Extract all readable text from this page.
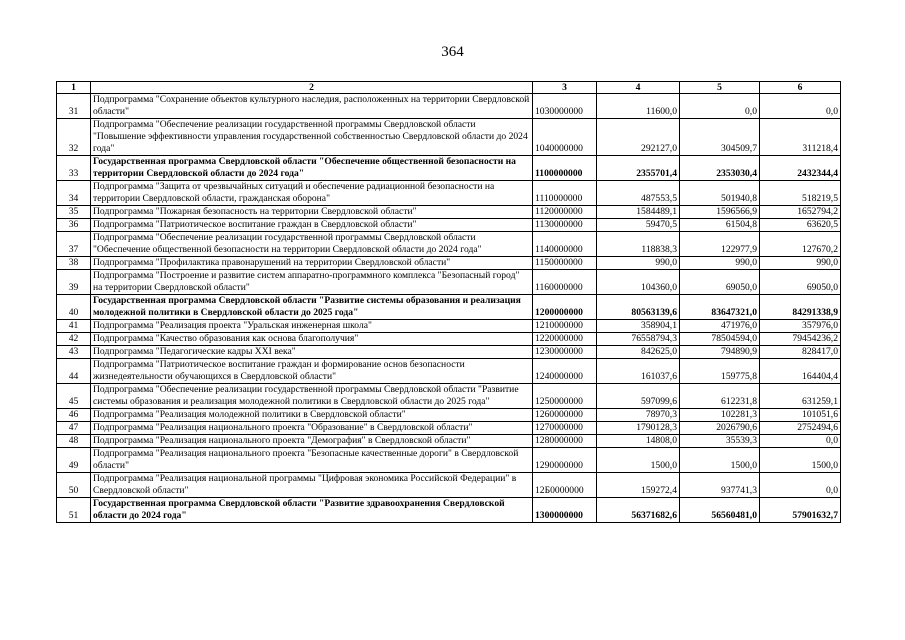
364
1	2	3	4	5	6
31	Подпрограмма "Сохранение объектов культурного наследия, расположенных на территории Свердловской области"	1030000000	11600,0	0,0	0,0
32	Подпрограмма "Обеспечение реализации государственной программы Свердловской области "Повышение эффективности управления государственной собственностью Свердловской области до 2024 года"	1040000000	292127,0	304509,7	311218,4
33	Государственная программа Свердловской области "Обеспечение общественной безопасности на территории Свердловской области до 2024 года"	1100000000	2355701,4	2353030,4	2432344,4
34	Подпрограмма "Защита от чрезвычайных ситуаций и обеспечение радиационной безопасности на территории Свердловской области, гражданская оборона"	1110000000	487553,5	501940,8	518219,5
35	Подпрограмма "Пожарная безопасность на территории Свердловской области"	1120000000	1584489,1	1596566,9	1652794,2
36	Подпрограмма "Патриотическое воспитание граждан в Свердловской области"	1130000000	59470,5	61504,8	63620,5
37	Подпрограмма "Обеспечение реализации государственной программы Свердловской области "Обеспечение общественной безопасности на территории Свердловской области до 2024 года"	1140000000	118838,3	122977,9	127670,2
38	Подпрограмма "Профилактика правонарушений на территории Свердловской области"	1150000000	990,0	990,0	990,0
39	Подпрограмма "Построение и развитие систем аппаратно-программного комплекса "Безопасный город" на территории Свердловской области"	1160000000	104360,0	69050,0	69050,0
40	Государственная программа Свердловской области "Развитие системы образования и реализация молодежной политики в Свердловской области до 2025 года"	1200000000	80563139,6	83647321,0	84291338,9
41	Подпрограмма "Реализация проекта "Уральская инженерная школа"	1210000000	358904,1	471976,0	357976,0
42	Подпрограмма "Качество образования как основа благополучия"	1220000000	76558794,3	78504594,0	79454236,2
43	Подпрограмма "Педагогические кадры XXI века"	1230000000	842625,0	794890,9	828417,0
44	Подпрограмма "Патриотическое воспитание граждан и формирование основ безопасности жизнедеятельности обучающихся в Свердловской области"	1240000000	161037,6	159775,8	164404,4
45	Подпрограмма "Обеспечение реализации государственной программы Свердловской области "Развитие системы образования и реализация молодежной политики в Свердловской области до 2025 года"	1250000000	597099,6	612231,8	631259,1
46	Подпрограмма "Реализация молодежной политики в Свердловской области"	1260000000	78970,3	102281,3	101051,6
47	Подпрограмма "Реализация национального проекта "Образование" в Свердловской области"	1270000000	1790128,3	2026790,6	2752494,6
48	Подпрограмма "Реализация национального проекта "Демография" в Свердловской области"	1280000000	14808,0	35539,3	0,0
49	Подпрограмма "Реализация национального проекта "Безопасные качественные дороги" в Свердловской области"	1290000000	1500,0	1500,0	1500,0
50	Подпрограмма "Реализация национальной программы "Цифровая экономика Российской Федерации" в Свердловской области"	12Б0000000	159272,4	937741,3	0,0
51	Государственная программа Свердловской области "Развитие здравоохранения Свердловской области до 2024 года"	1300000000	56371682,6	56560481,0	57901632,7
